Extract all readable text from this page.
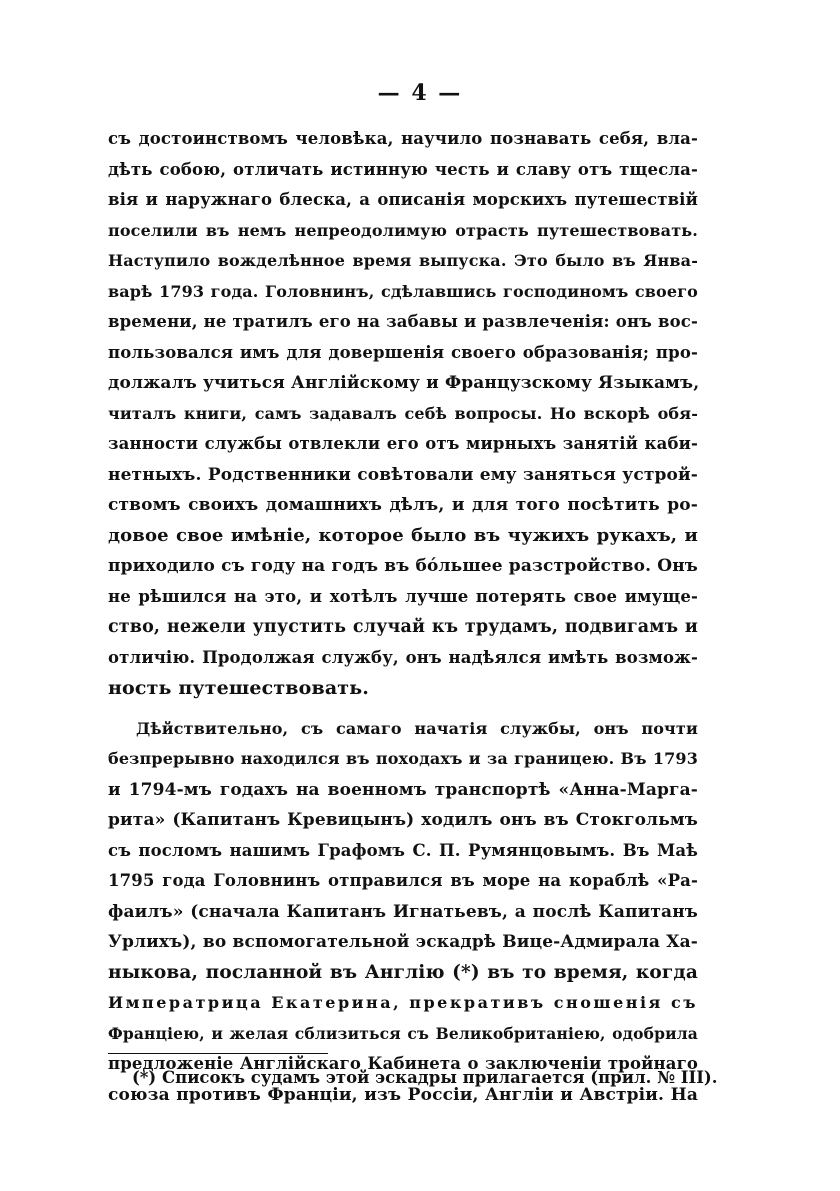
— 4 —
съ достоинствомъ человѣка, научило познавать себя, вла-
дѣть собою, отличать истинную честь и славу отъ тщесла-
вія и наружнаго блеска, а описанія морскихъ путешествій
поселили въ немъ непреодолимую отрасть путешествовать.
Наступило вожделѣнное время выпуска. Это было въ Янва-
варѣ 1793 года. Головнинъ, сдѣлавшись господиномъ своего
времени, не тратилъ его на забавы и развлеченія: онъ вос-
пользовался имъ для довершенія своего образованія; про-
должалъ учиться Англійскому и Французскому Языкамъ,
читалъ книги, самъ задавалъ себѣ вопросы. Но вскорѣ обя-
занности службы отвлекли его отъ мирныхъ занятій каби-
нетныхъ. Родственники совѣтовали ему заняться устрой-
ствомъ своихъ домашнихъ дѣлъ, и для того посѣтить ро-
довое свое имѣніе, которое было въ чужихъ рукахъ, и
приходило съ году на годъ въ бóльшее разстройство. Онъ
не рѣшился на это, и хотѣлъ лучше потерять свое имуще-
ство, нежели упустить случай къ трудамъ, подвигамъ и
отличію. Продолжая службу, онъ надѣялся имѣть возмож-
ность путешествовать.
Дѣйствительно, съ самаго начатія службы, онъ почти
безпрерывно находился въ походахъ и за границею. Въ 1793
и 1794-мъ годахъ на военномъ транспортѣ «Анна-Марга-
рита» (Капитанъ Кревицынъ) ходилъ онъ въ Стокгольмъ
съ посломъ нашимъ Графомъ С. П. Румянцовымъ. Въ Маѣ
1795 года Головнинъ отправился въ море на кораблѣ «Ра-
фаилъ» (сначала Капитанъ Игнатьевъ, а послѣ Капитанъ
Урлихъ), во вспомогательной эскадрѣ Вице-Адмирала Ха-
ныкова, посланной въ Англію (*) въ то время, когда
Императрица Екатерина, прекративъ сношенія съ
Франціею, и желая сблизиться съ Великобританіею, одобрила
предложеніе Англійскаго Кабинета о заключеніи тройнаго
союза противъ Франціи, изъ Россіи, Англіи и Австріи. На
(*) Списокъ судамъ этой эскадры прилагается (прил. № III).
